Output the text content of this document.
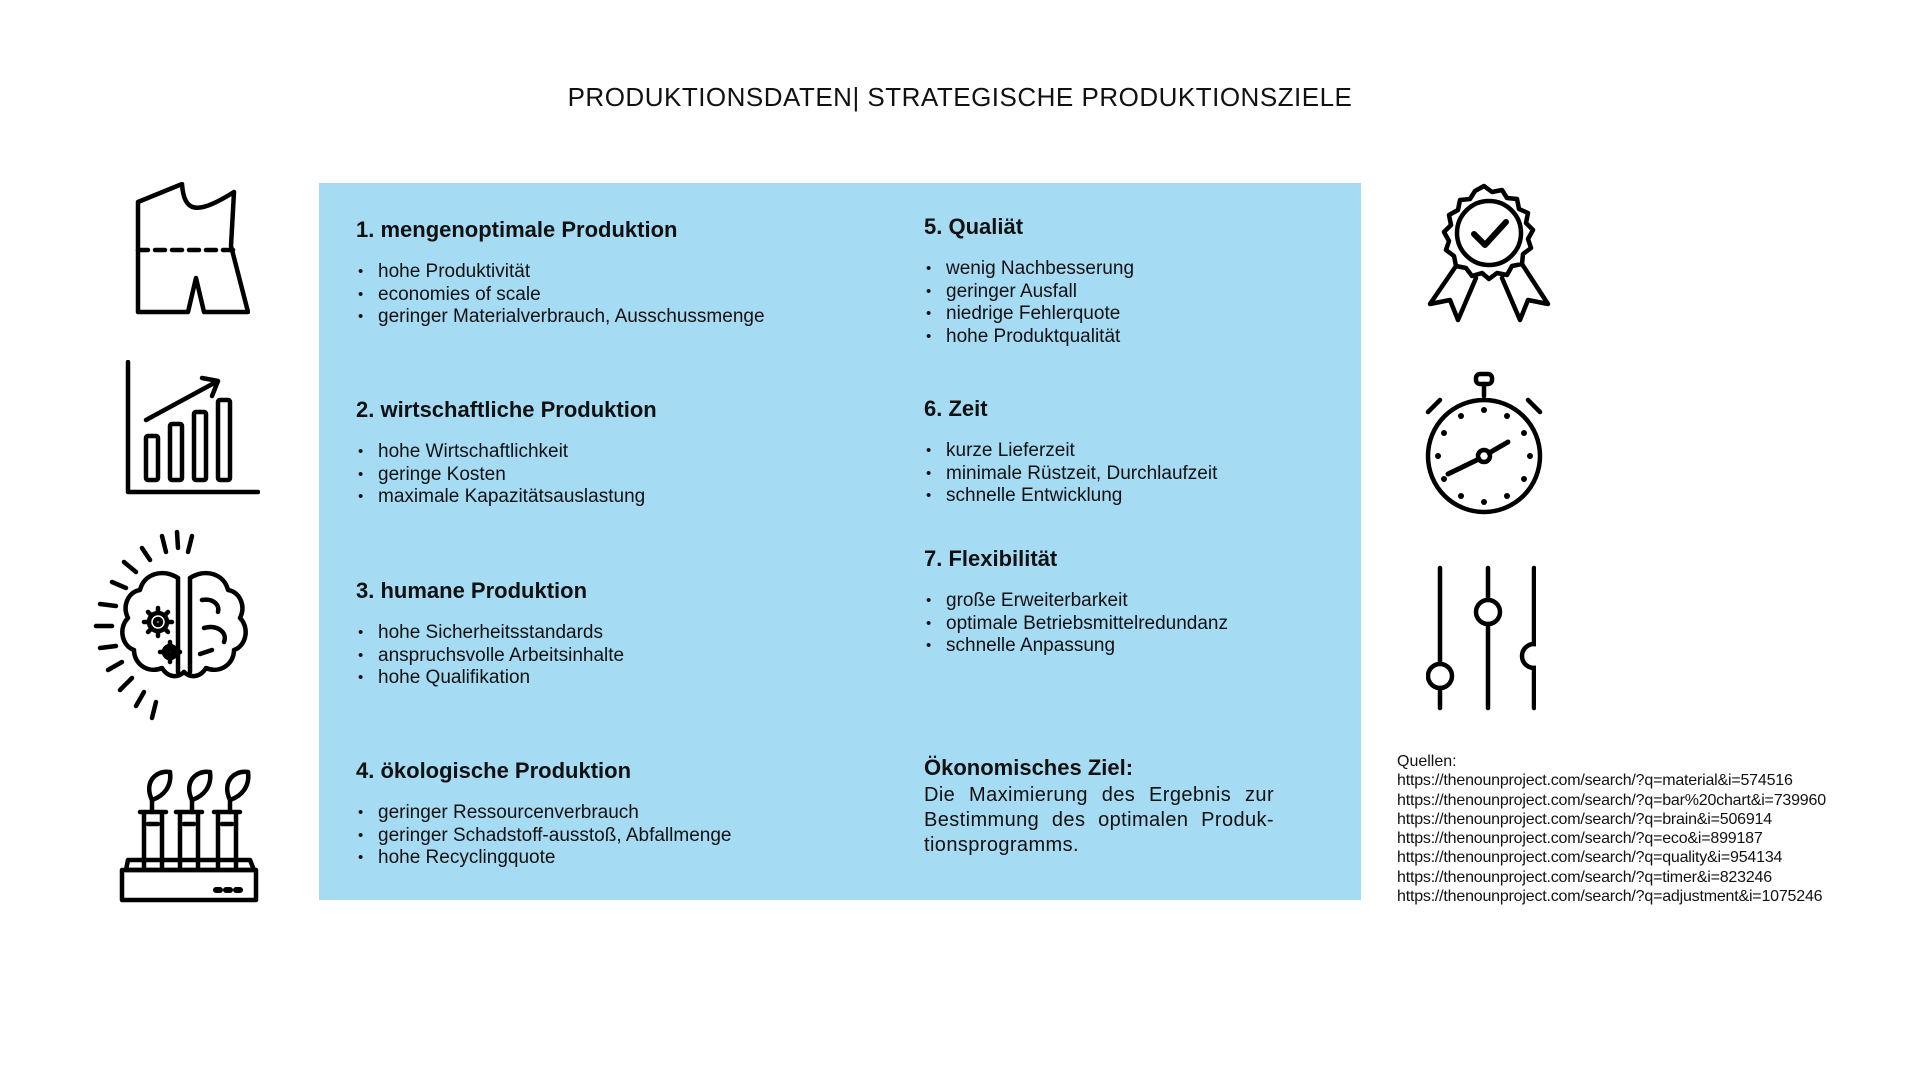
PRODUKTIONSDATEN| STRATEGISCHE PRODUKTIONSZIELE
1. mengenoptimale Produktion
• hohe Produktivität
• economies of scale
• geringer Materialverbrauch, Ausschussmenge
2. wirtschaftliche Produktion
• hohe Wirtschaftlichkeit
• geringe Kosten
• maximale Kapazitätsauslastung
3. humane Produktion
• hohe Sicherheitsstandards
• anspruchsvolle Arbeitsinhalte
• hohe Qualifikation
4. ökologische Produktion
• geringer Ressourcenverbrauch
• geringer Schadstoff-ausstoß, Abfallmenge
• hohe Recyclingquote
5. Qualiät
• wenig Nachbesserung
• geringer Ausfall
• niedrige Fehlerquote
• hohe Produktqualität
6. Zeit
• kurze Lieferzeit
• minimale Rüstzeit, Durchlaufzeit
• schnelle Entwicklung
7. Flexibilität
• große Erweiterbarkeit
• optimale Betriebsmittelredundanz
• schnelle Anpassung

Ökonomisches Ziel:

Die Maximierung des Ergebnis zur Bestimmung des optimalen Produk-tionsprogramms.

Quellen:
https://thenounproject.com/search/?q=material&i=574516
https://thenounproject.com/search/?q=bar%20chart&i=739960
https://thenounproject.com/search/?q=brain&i=506914
https://thenounproject.com/search/?q=eco&i=899187
https://thenounproject.com/search/?q=quality&i=954134
https://thenounproject.com/search/?q=timer&i=823246
https://thenounproject.com/search/?q=adjustment&i=1075246
